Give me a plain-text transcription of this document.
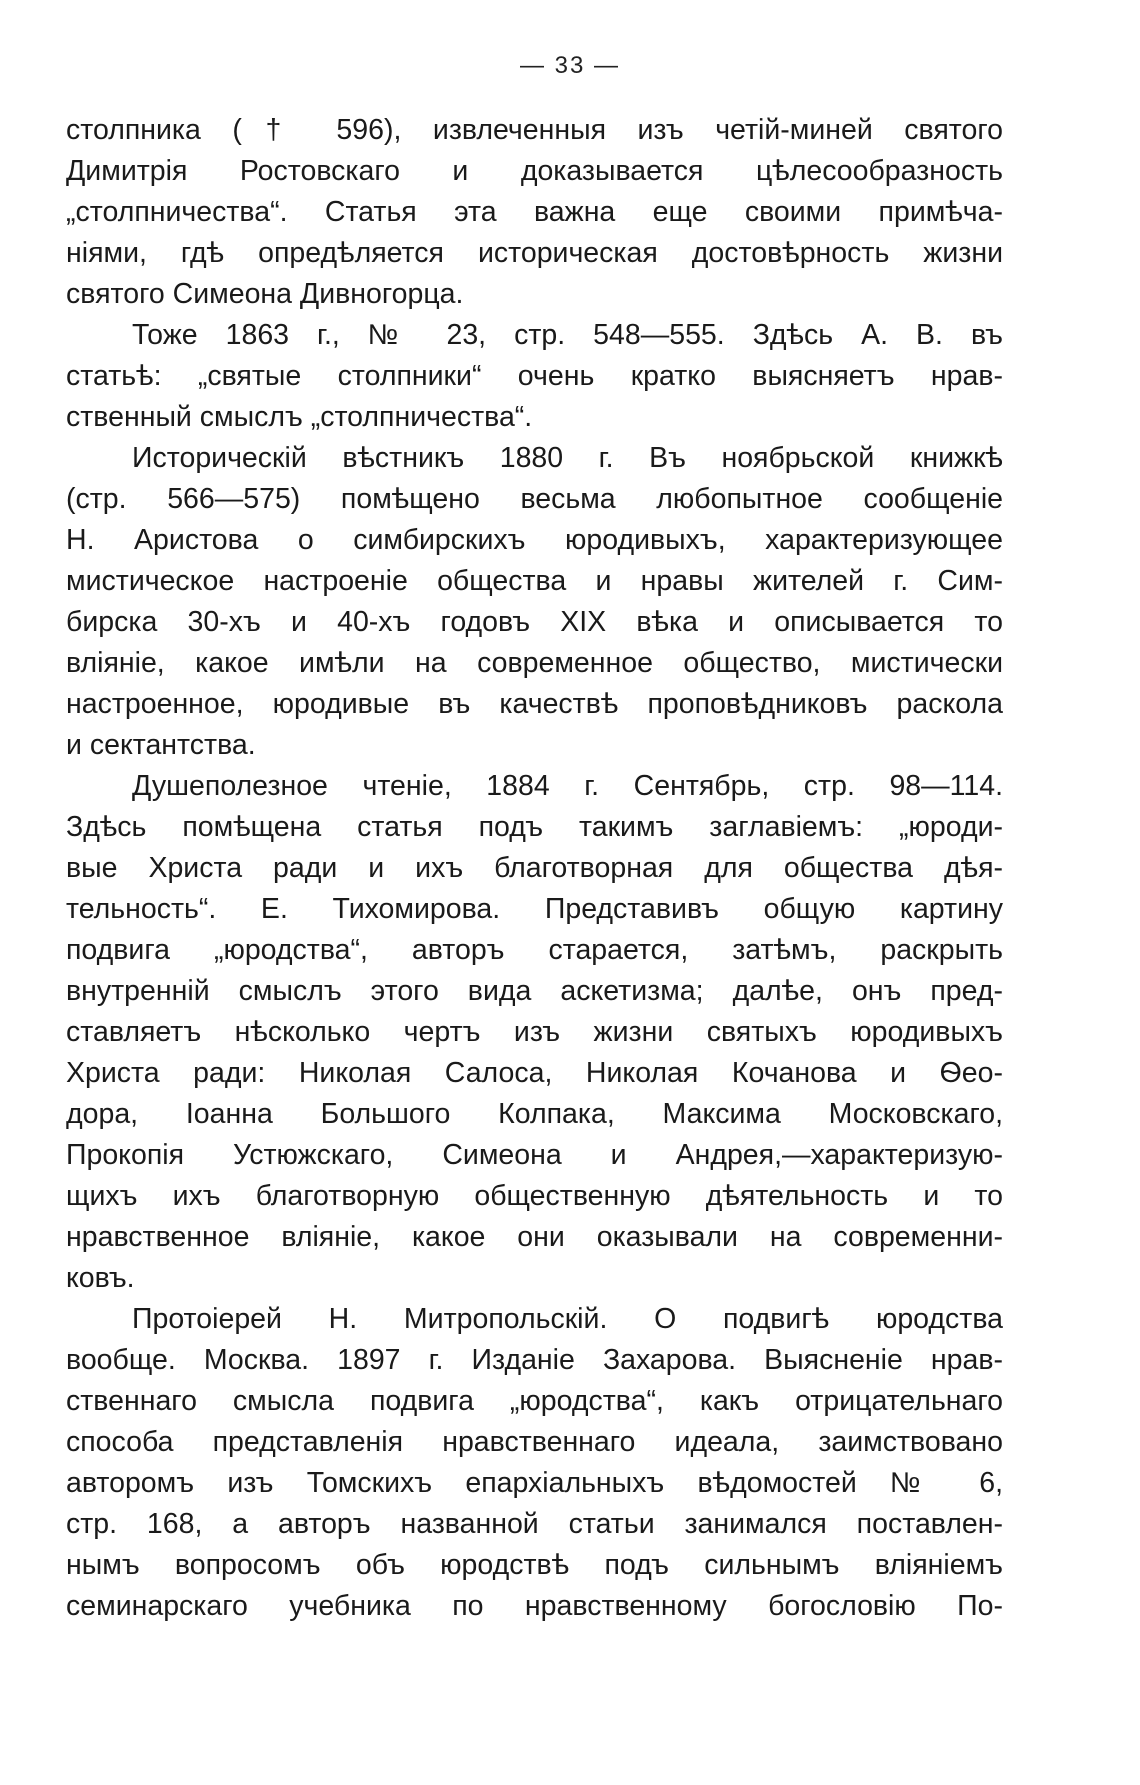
— 33 —
столпника († 596), извлеченныя изъ четій-миней святого
Димитрія Ростовскаго и доказывается цѣлесообразность
„столпничества“. Статья эта важна еще своими примѣча-
ніями, гдѣ опредѣляется историческая достовѣрность жизни
святого Симеона Дивногорца.
Тоже 1863 г., № 23, стр. 548—555. Здѣсь А. В. въ
статьѣ: „святые столпники“ очень кратко выясняетъ нрав-
ственный смыслъ „столпничества“.
Историческій вѣстникъ 1880 г. Въ ноябрьской книжкѣ
(стр. 566—575) помѣщено весьма любопытное сообщеніе
Н. Аристова о симбирскихъ юродивыхъ, характеризующее
мистическое настроеніе общества и нравы жителей г. Сим-
бирска 30-хъ и 40-хъ годовъ XIX вѣка и описывается то
вліяніе, какое имѣли на современное общество, мистически
настроенное, юродивые въ качествѣ проповѣдниковъ раскола
и сектантства.
Душеполезное чтеніе, 1884 г. Сентябрь, стр. 98—114.
Здѣсь помѣщена статья подъ такимъ заглавіемъ: „юроди-
вые Христа ради и ихъ благотворная для общества дѣя-
тельность“. Е. Тихомирова. Представивъ общую картину
подвига „юродства“, авторъ старается, затѣмъ, раскрыть
внутренній смыслъ этого вида аскетизма; далѣе, онъ пред-
ставляетъ нѣсколько чертъ изъ жизни святыхъ юродивыхъ
Христа ради: Николая Салоса, Николая Кочанова и Ѳео-
дора, Іоанна Большого Колпака, Максима Московскаго,
Прокопія Устюжскаго, Симеона и Андрея,—характеризую-
щихъ ихъ благотворную общественную дѣятельность и то
нравственное вліяніе, какое они оказывали на современни-
ковъ.
Протоіерей Н. Митропольскій. О подвигѣ юродства
вообще. Москва. 1897 г. Изданіе Захарова. Выясненіе нрав-
ственнаго смысла подвига „юродства“, какъ отрицательнаго
способа представленія нравственнаго идеала, заимствовано
авторомъ изъ Томскихъ епархіальныхъ вѣдомостей № 6,
стр. 168, а авторъ названной статьи занимался поставлен-
нымъ вопросомъ объ юродствѣ подъ сильнымъ вліяніемъ
семинарскаго учебника по нравственному богословію По-
